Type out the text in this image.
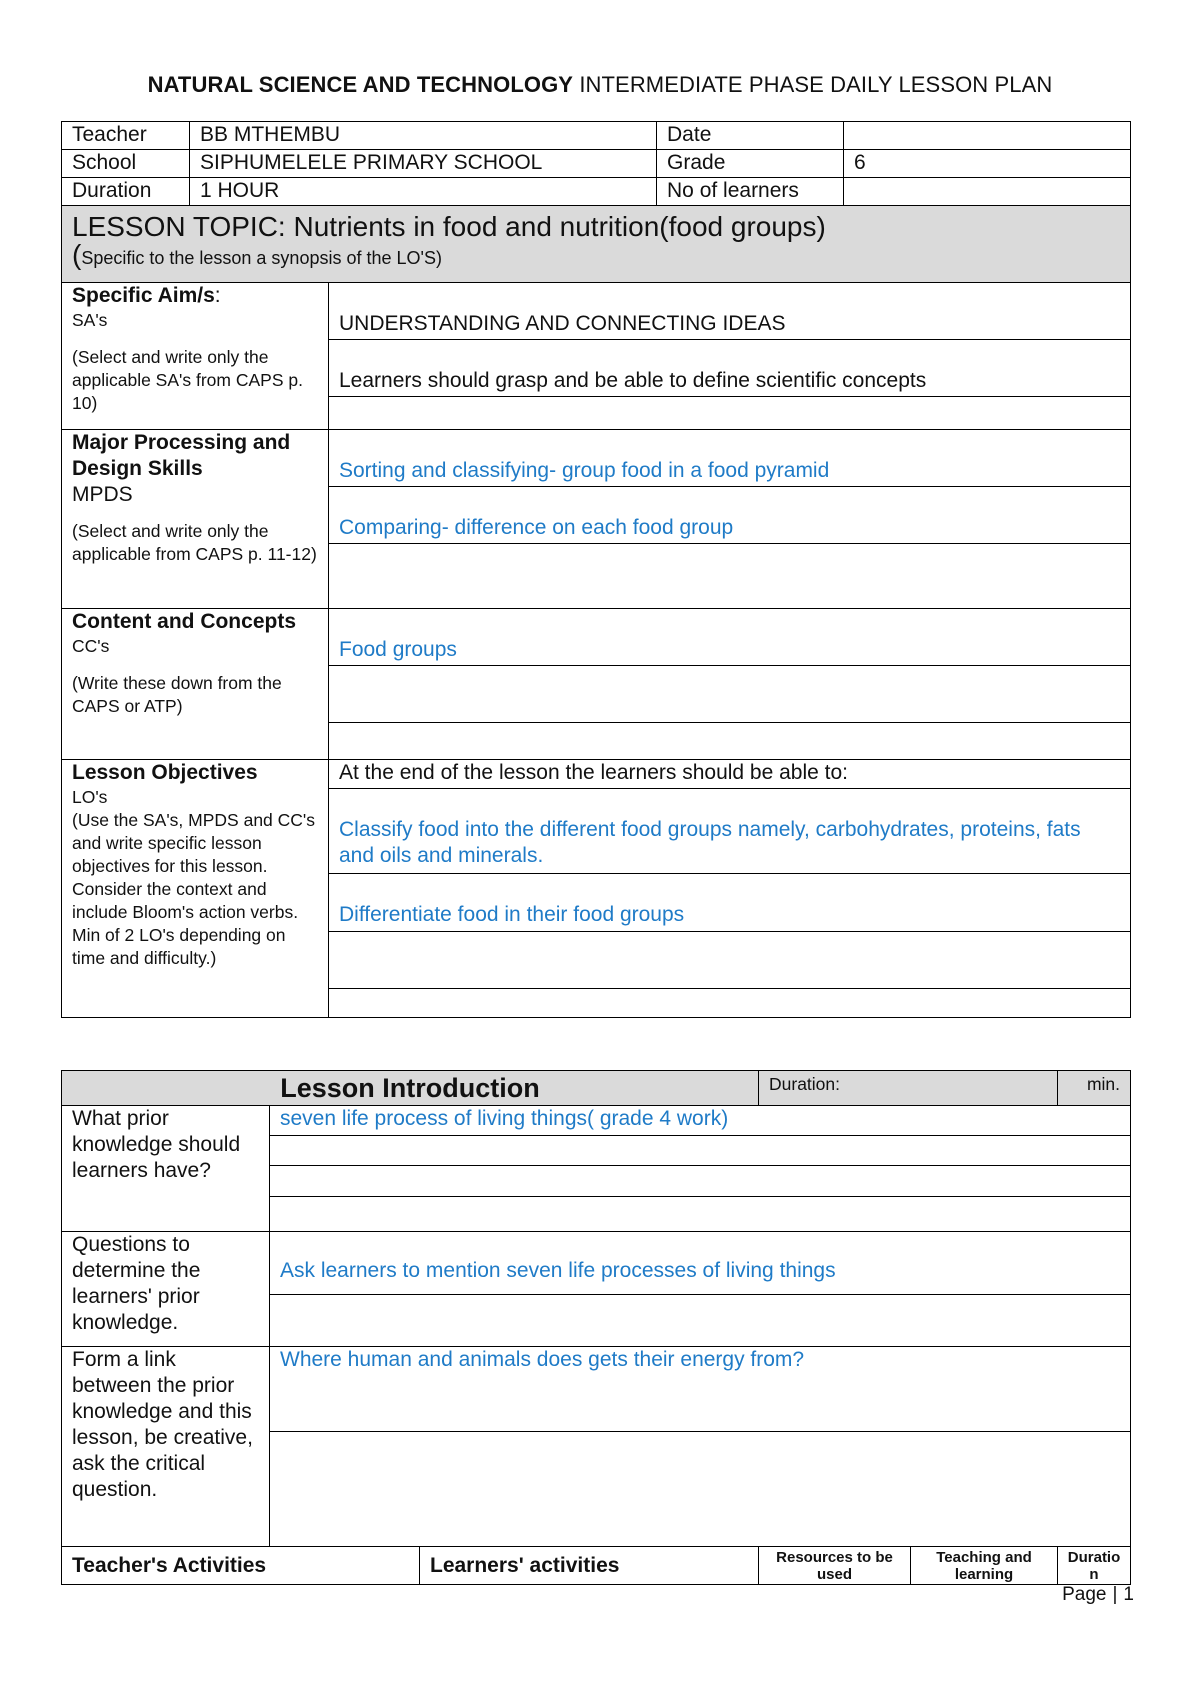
NATURAL SCIENCE AND TECHNOLOGY INTERMEDIATE PHASE DAILY LESSON PLAN
Teacher	BB MTHEMBU		Date	
School	SIPHUMELELE PRIMARY SCHOOL		Grade	6
Duration	1 HOUR		No of learners	

LESSON TOPIC: Nutrients in food and nutrition(food groups)
(Specific to the lesson a synopsis of the LO'S)				

Specific Aim/s:
SA's
(Select and write only the applicable SA's from CAPS p. 10)		UNDERSTANDING AND CONNECTING IDEAS		
		Learners should grasp and be able to define scientific concepts		

Major Processing and Design Skills
MPDS
(Select and write only the applicable from CAPS p. 11-12)		Sorting and classifying- group food in a food pyramid		
		Comparing- difference on each food group		

Content and Concepts
CC's
(Write these down from the CAPS or ATP)		Food groups		

Lesson Objectives
LO's
(Use the SA's, MPDS and CC's and write specific lesson objectives for this lesson. Consider the context and include Bloom's action verbs. Min of 2 LO's depending on time and difficulty.)		At the end of the lesson the learners should be able to:		
		Classify food into the different food groups namely, carbohydrates, proteins, fats and oils and minerals.		
		Differentiate food in their food groups		

Lesson Introduction			Duration:		min.
What prior knowledge should learners have?	seven life process of living things( grade 4 work)				

Questions to determine the learners' prior knowledge.	Ask learners to mention seven life processes of living things				

Form a link between the prior knowledge and this lesson, be creative, ask the critical question.	Where human and animals does gets their energy from?				

Teacher's Activities		Learners' activities	Resources to be used	Teaching and learning	Duratio n
Page | 1
